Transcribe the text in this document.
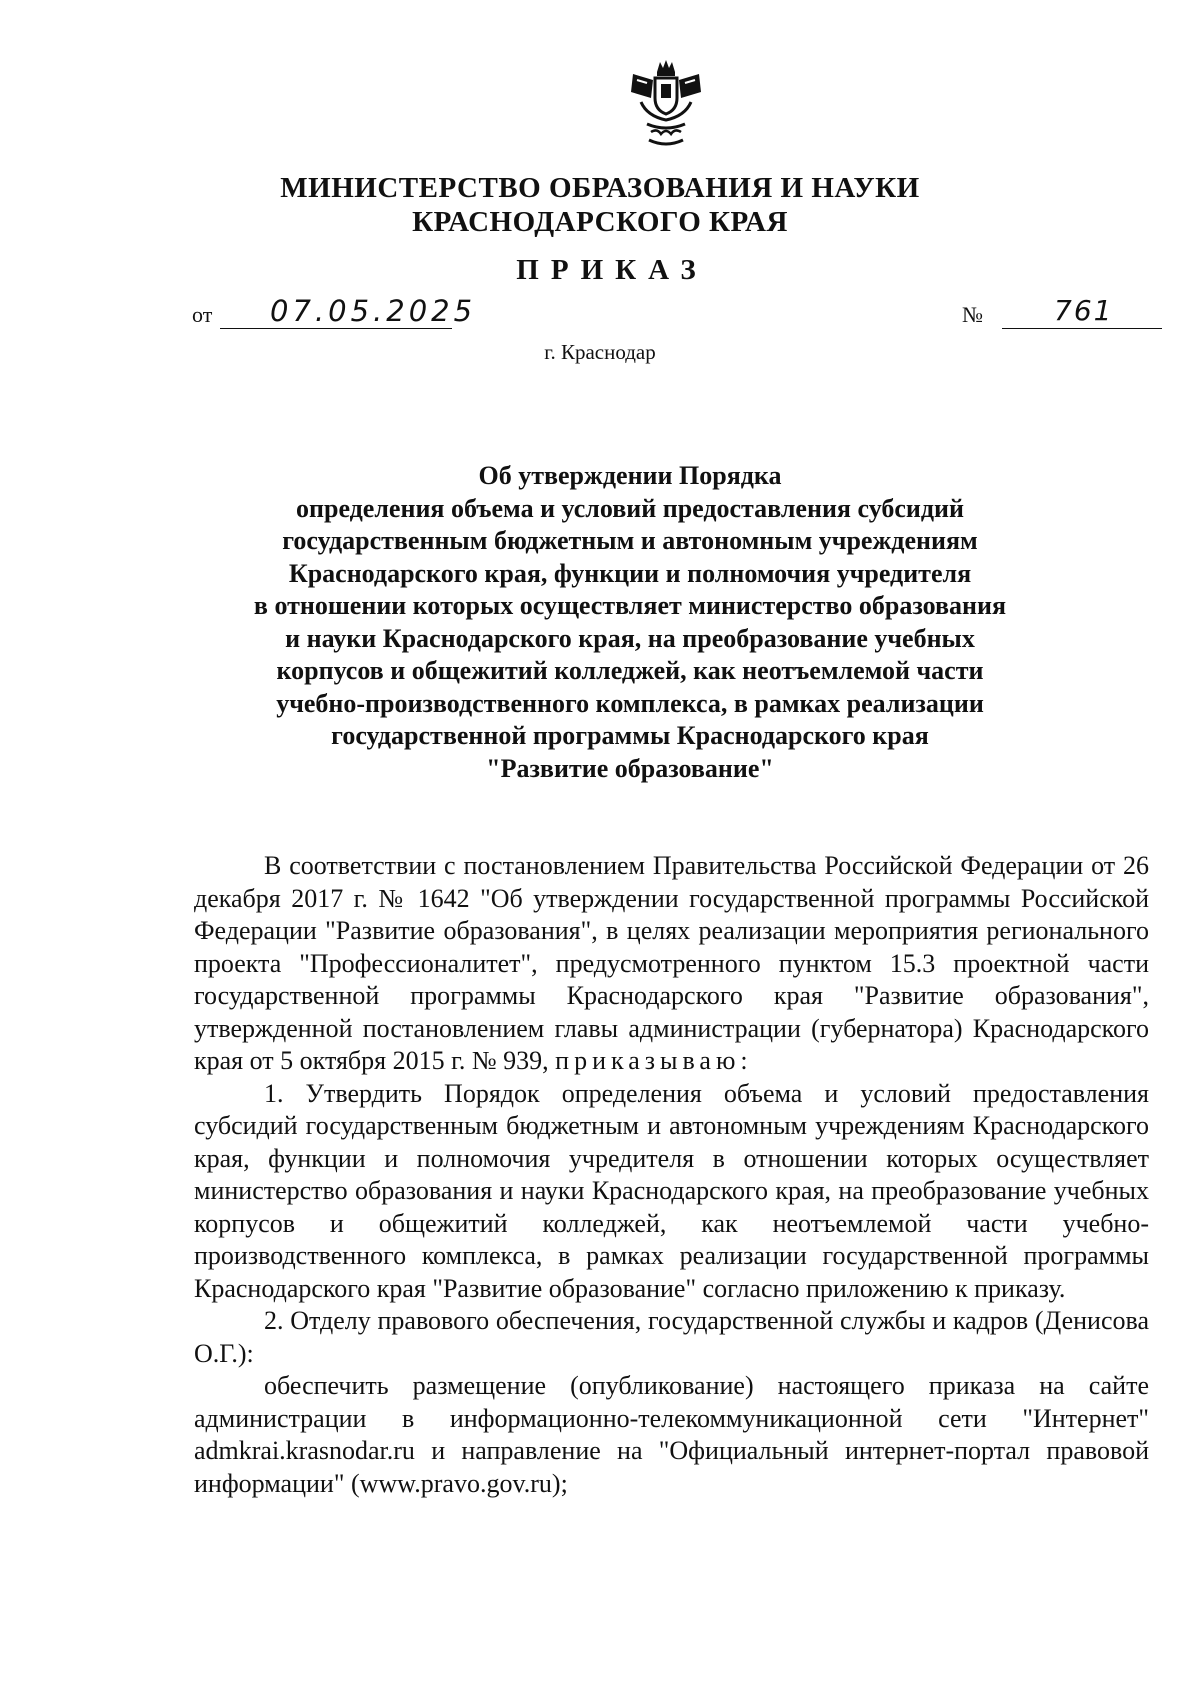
МИНИСТЕРСТВО ОБРАЗОВАНИЯ И НАУКИ
КРАСНОДАРСКОГО КРАЯ
ПРИКАЗ
от 07.05.2025	№	761
г. Краснодар
Об утверждении Порядка
определения объема и условий предоставления субсидий
государственным бюджетным и автономным учреждениям
Краснодарского края, функции и полномочия учредителя
в отношении которых осуществляет министерство образования
и науки Краснодарского края, на преобразование учебных
корпусов и общежитий колледжей, как неотъемлемой части
учебно-производственного комплекса, в рамках реализации
государственной программы Краснодарского края
"Развитие образование"

В соответствии с постановлением Правительства Российской Федерации от 26 декабря 2017 г. № 1642 "Об утверждении государственной программы Российской Федерации "Развитие образования", в целях реализации мероприятия регионального проекта "Профессионалитет", предусмотренного пунктом 15.3 проектной части государственной программы Краснодарского края "Развитие образования", утвержденной постановлением главы администрации (губернатора) Краснодарского края от 5 октября 2015 г. № 939, приказываю:

1. Утвердить Порядок определения объема и условий предоставления субсидий государственным бюджетным и автономным учреждениям Краснодарского края, функции и полномочия учредителя в отношении которых осуществляет министерство образования и науки Краснодарского края, на преобразование учебных корпусов и общежитий колледжей, как неотъемлемой части учебно-производственного комплекса, в рамках реализации государственной программы Краснодарского края "Развитие образование" согласно приложению к приказу.

2. Отделу правового обеспечения, государственной службы и кадров (Денисова О.Г.):

обеспечить размещение (опубликование) настоящего приказа на сайте администрации в информационно-телекоммуникационной сети "Интернет" admkrai.krasnodar.ru и направление на "Официальный интернет-портал правовой информации" (www.pravo.gov.ru);
